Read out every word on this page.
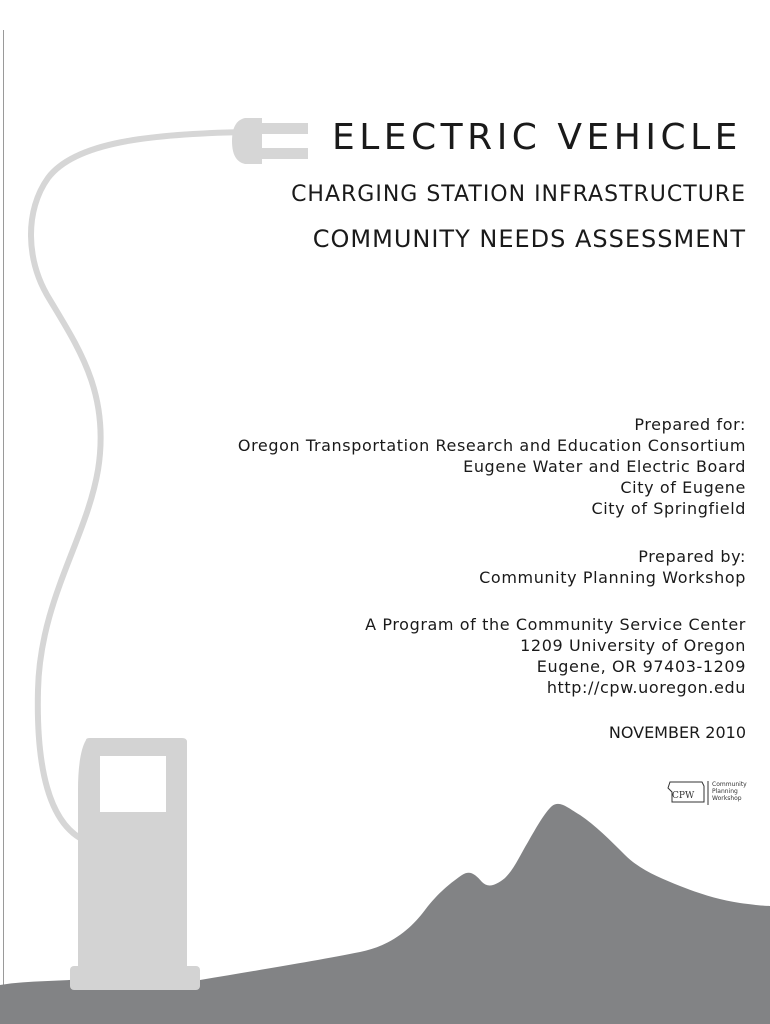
ELECTRIC VEHICLE
CHARGING STATION INFRASTRUCTURE
COMMUNITY NEEDS ASSESSMENT
Prepared for:
Oregon Transportation Research and Education Consortium
Eugene Water and Electric Board
City of Eugene
City of Springfield
Prepared by:
Community Planning Workshop
A Program of the Community Service Center
1209 University of Oregon
Eugene, OR 97403-1209
http://cpw.uoregon.edu
NOVEMBER 2010
CPW
Community
Planning
Workshop
